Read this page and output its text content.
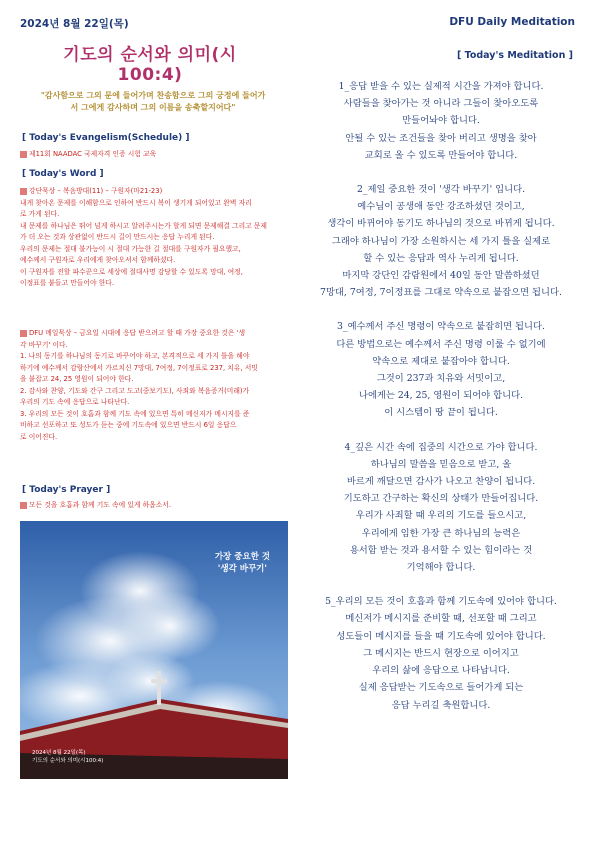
2024년 8월 22일(목)	DFU Daily Meditation
기도의 순서와 의미(시100:4)
[ Today's Meditation ]
"감사함으로 그의 문에 들어가며 찬송함으로 그의 궁정에 들어가
서 그에게 감사하며 그의 이름을 송축할지어다"
[ Today's Evangelism(Schedule) ]
제11회 NAADAC 국제자격 인증 시험 교육
[ Today's Word ]
강단묵상 – 복음방대(11) – 구원자(마21-23)
내게 찾아온 문제를 이해함으로 인하여 반드시 복이 생기게 되어있고 완벽 자리
로 가게 된다.
내 문제를 하나님은 뛰어 넘게 하시고 알려주시는가 할게 되면 문제해결 그리고 문제
가 더 오는 것과 상관없이 반드시 길이 만드시는 응답 누리게 된다.
우리의 문제는 절대 불가능이 시 절대 가능한 길 절대를 구원자가 필요했고,
예수께서 구원자로 우리에게 찾아오셔서 함께하셨다.
이 구원자를 전할 파수꾼으로 세상에 절대사명 감당할 수 있도록 망대, 여정,
이정표를 붙들고 만들어야 한다.
DFU 메일묵상 – 금요일 시대에 응답 받으려고 할 때 가장 중요한 것은 '생
각 바꾸기' 이다.
1. 나의 동기를 하나님의 동기로 바꾸어야 하고, 본격적으로 세 가지 틀을 해야
하기에 예수께서 감람산에서 가르치신 7망대, 7여정, 7이정표로 237, 치유, 서밋
을 붙잡고 24, 25 영원이 되어야 한다.
2. 감사와 찬양, 기도와 간구 그리고 도고(중보기도), 사죄와 복음증거(미래)가
우리의 기도 속에 응답으로 나타난다.
3. 우리의 모든 것이 호흡과 함께 기도 속에 있으면 특히 메신저가 메시지를 준
비하고 선포하고 또 성도가 듣는 중에 기도속에 있으면 반드시 6일 응답으
로 이어진다.
[ Today's Prayer ]
모든 것을 호흡과 함께 기도 속에 있게 하옵소서.
가장 중요한 것
'생각 바꾸기'
2024년 8월 22일(목)
기도의 순서와 의미(시100:4)
1_응답 받을 수 있는 실제적 시간을 가져야 합니다.
사람들을 찾아가는 것 아니라 그들이 찾아오도록
만들어놔야 합니다.
안될 수 있는 조건들을 찾아 버리고 생명을 찾아
교회로 올 수 있도록 만들어야 합니다.
2_제일 중요한 것이 '생각 바꾸기' 입니다.
예수님이 공생애 동안 강조하셨던 것이고,
생각이 바뀌어야 동기도 하나님의 것으로 바뀌게 됩니다.
그래야 하나님이 가장 소원하시는 세 가지 틀을 실제로
할 수 있는 응답과 역사 누리게 됩니다.
마지막 강단인 감람원에서 40일 동안 말씀하셨던
7망대, 7여정, 7이정표를 그대로 약속으로 붙잡으면 됩니다.
3_예수께서 주신 명령이 약속으로 붙잡히면 됩니다.
다른 방법으로는 예수께서 주신 명령 이룰 수 없기에
약속으로 제대로 붙잡아야 합니다.
그것이 237과 치유와 서밋이고,
나에게는 24, 25, 영원이 되어야 합니다.
이 시스템이 땅 끝이 됩니다.
4_깊은 시간 속에 집중의 시간으로 가야 합니다.
하나님의 말씀을 믿음으로 받고, 올
바르게 깨달으면 감사가 나오고 찬양이 됩니다.
기도하고 간구하는 확신의 상태가 만들어집니다.
우리가 사죄할 때 우리의 기도를 들으시고,
우리에게 임한 가장 큰 하나님의 능력은
용서함 받는 것과 용서할 수 있는 힘이라는 것
기억해야 합니다.
5_우리의 모든 것이 호흡과 함께 기도속에 있어야 합니다.
메신저가 메시지를 준비할 때, 선포할 때 그리고
성도들이 메시지를 들을 때 기도속에 있어야 합니다.
그 메시지는 반드시 현장으로 이어지고
우리의 삶에 응답으로 나타납니다.
실제 응답받는 기도속으로 들어가게 되는
응답 누리길 축원합니다.
